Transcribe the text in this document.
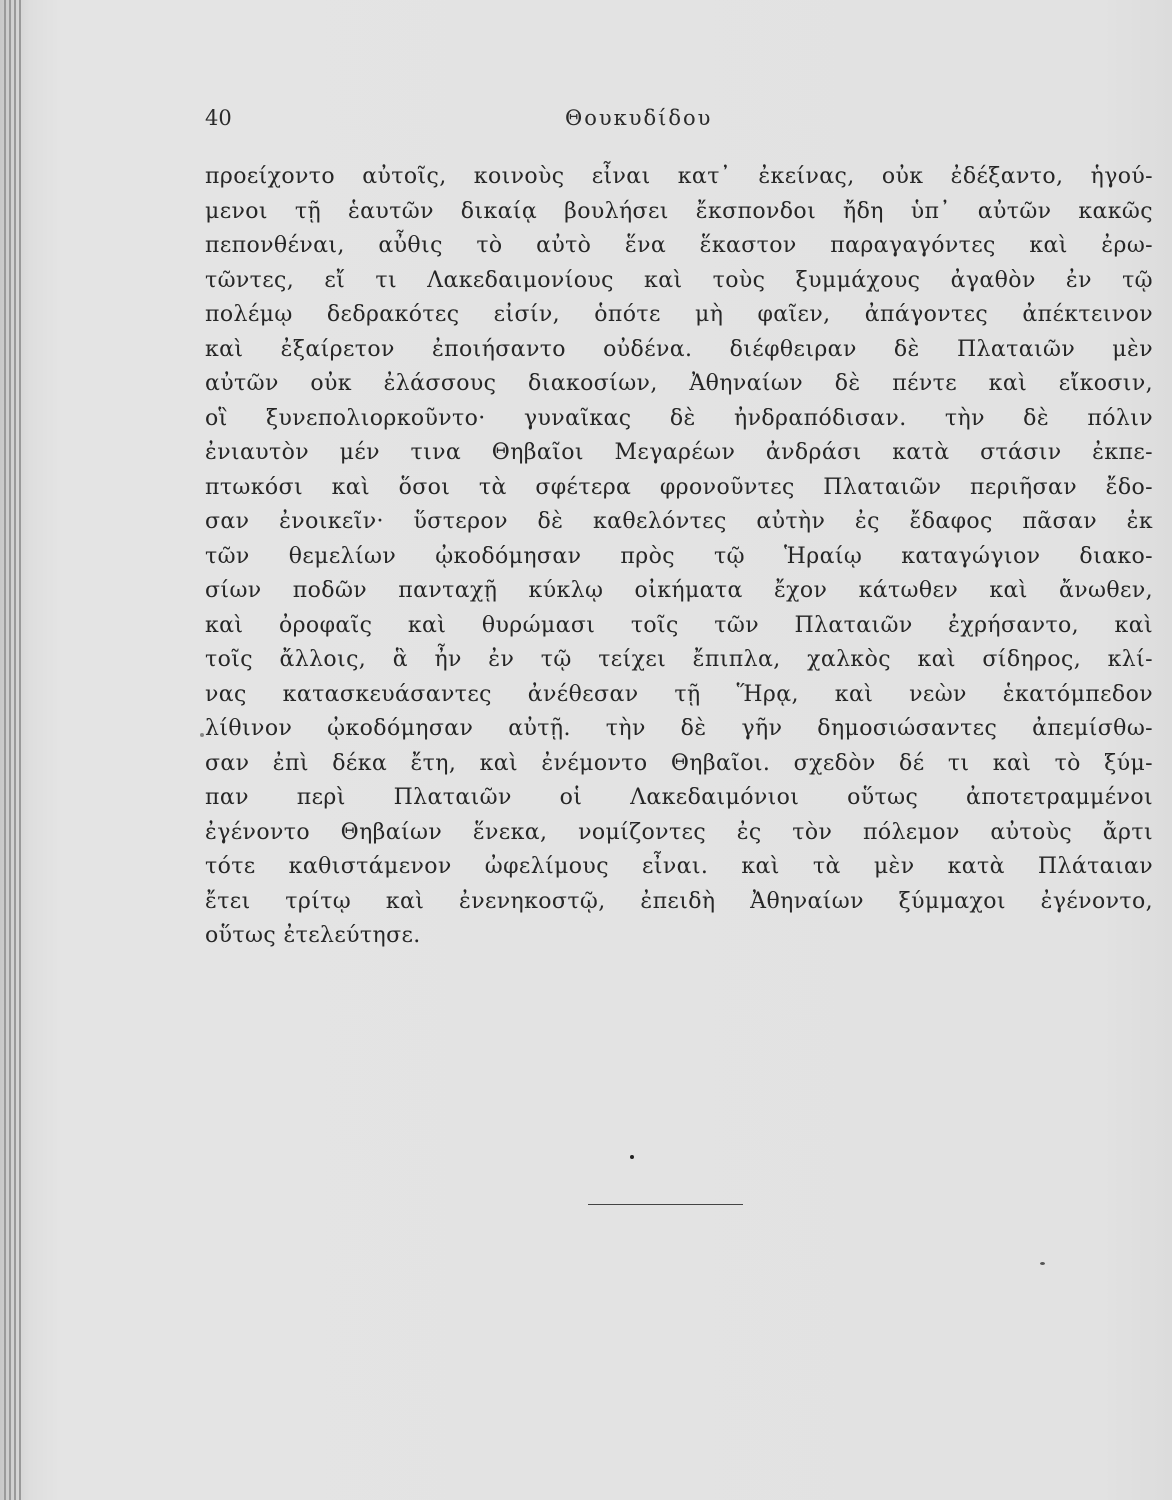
40	Θουκυδίδου
προείχοντο αὐτοῖς, κοινοὺς εἶναι κατ᾽ ἐκείνας, οὐκ ἐδέξαντο, ἡγού-
μενοι τῇ ἑαυτῶν δικαίᾳ βουλήσει ἔκσπονδοι ἤδη ὑπ᾽ αὐτῶν κακῶς
πεπονθέναι, αὖθις τὸ αὐτὸ ἕνα ἕκαστον παραγαγόντες καὶ ἐρω-
τῶντες, εἴ τι Λακεδαιμονίους καὶ τοὺς ξυμμάχους ἀγαθὸν ἐν τῷ
πολέμῳ δεδρακότες εἰσίν, ὁπότε μὴ φαῖεν, ἀπάγοντες ἀπέκτεινον
καὶ ἐξαίρετον ἐποιήσαντο οὐδένα. διέφθειραν δὲ Πλαταιῶν μὲν
αὐτῶν οὐκ ἐλάσσους διακοσίων, Ἀθηναίων δὲ πέντε καὶ εἴκοσιν,
οἳ ξυνεπολιορκοῦντο· γυναῖκας δὲ ἠνδραπόδισαν. τὴν δὲ πόλιν
ἐνιαυτὸν μέν τινα Θηβαῖοι Μεγαρέων ἀνδράσι κατὰ στάσιν ἐκπε-
πτωκόσι καὶ ὅσοι τὰ σφέτερα φρονοῦντες Πλαταιῶν περιῆσαν ἔδο-
σαν ἐνοικεῖν· ὕστερον δὲ καθελόντες αὐτὴν ἐς ἔδαφος πᾶσαν ἐκ
τῶν θεμελίων ᾠκοδόμησαν πρὸς τῷ Ἡραίῳ καταγώγιον διακο-
σίων ποδῶν πανταχῇ κύκλῳ οἰκήματα ἔχον κάτωθεν καὶ ἄνωθεν,
καὶ ὀροφαῖς καὶ θυρώμασι τοῖς τῶν Πλαταιῶν ἐχρήσαντο, καὶ
τοῖς ἄλλοις, ἃ ἦν ἐν τῷ τείχει ἔπιπλα, χαλκὸς καὶ σίδηρος, κλί-
νας κατασκευάσαντες ἀνέθεσαν τῇ Ἥρᾳ, καὶ νεὼν ἑκατόμπεδον
λίθινον ᾠκοδόμησαν αὐτῇ. τὴν δὲ γῆν δημοσιώσαντες ἀπεμίσθω-
σαν ἐπὶ δέκα ἔτη, καὶ ἐνέμοντο Θηβαῖοι. σχεδὸν δέ τι καὶ τὸ ξύμ-
παν περὶ Πλαταιῶν οἱ Λακεδαιμόνιοι οὕτως ἀποτετραμμένοι
ἐγένοντο Θηβαίων ἕνεκα, νομίζοντες ἐς τὸν πόλεμον αὐτοὺς ἄρτι
τότε καθιστάμενον ὠφελίμους εἶναι. καὶ τὰ μὲν κατὰ Πλάταιαν
ἔτει τρίτῳ καὶ ἐνενηκοστῷ, ἐπειδὴ Ἀθηναίων ξύμμαχοι ἐγένοντο,
οὕτως ἐτελεύτησε.
